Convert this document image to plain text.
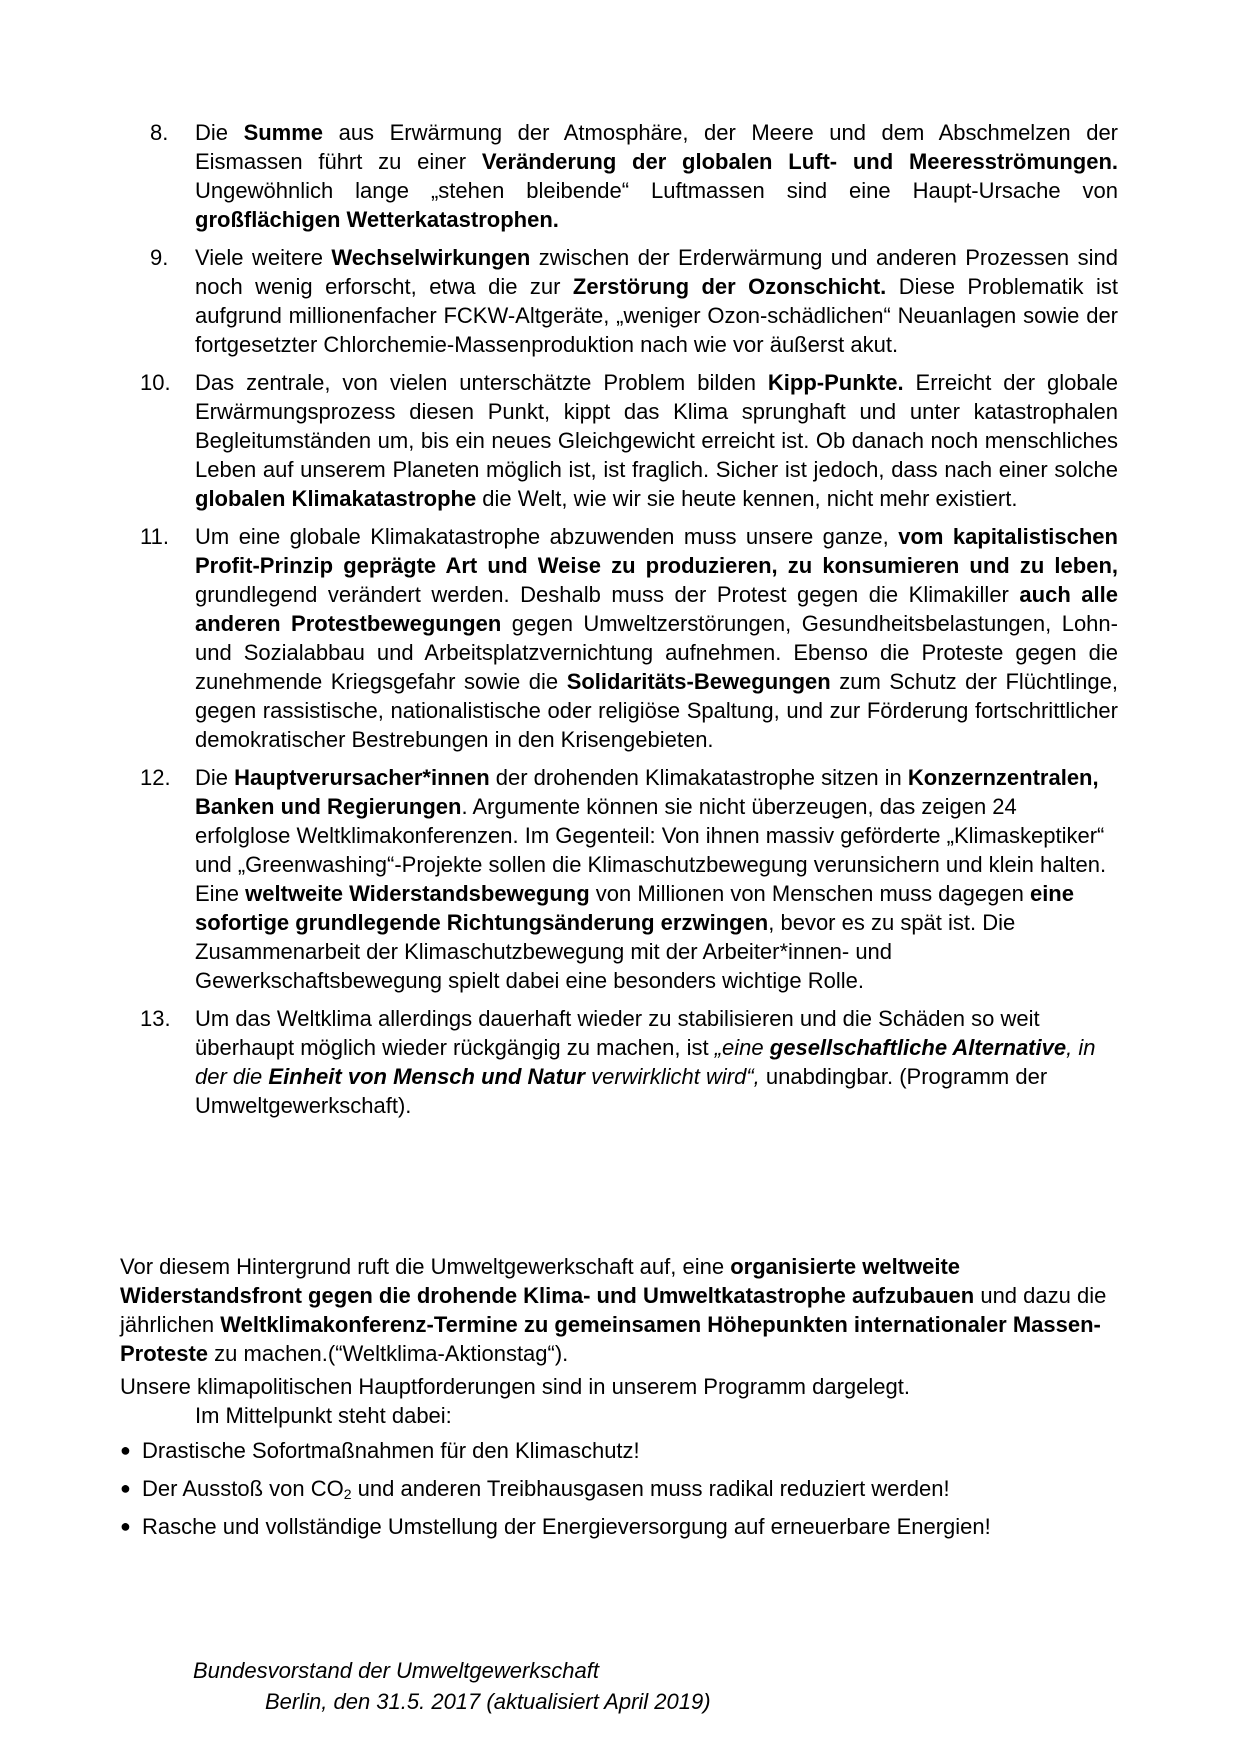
8.	Die Summe aus Erwärmung der Atmosphäre, der Meere und dem Abschmelzen der Eismassen führt zu einer Veränderung der globalen Luft- und Meeresströmungen. Ungewöhnlich lange „stehen bleibende“ Luftmassen sind eine Haupt-Ursache von großflächigen Wetterkatastrophen.
9.	Viele weitere Wechselwirkungen zwischen der Erderwärmung und anderen Prozessen sind noch wenig erforscht, etwa die zur Zerstörung der Ozonschicht. Diese Problematik ist aufgrund millionenfacher FCKW-Altgeräte, „weniger Ozon-schädlichen“ Neuanlagen sowie der fortgesetzter Chlorchemie-Massenproduktion nach wie vor äußerst akut.
10.	Das zentrale, von vielen unterschätzte Problem bilden Kipp-Punkte. Erreicht der globale Erwärmungsprozess diesen Punkt, kippt das Klima sprunghaft und unter katastrophalen Begleitumständen um, bis ein neues Gleichgewicht erreicht ist. Ob danach noch menschliches Leben auf unserem Planeten möglich ist, ist fraglich. Sicher ist jedoch, dass nach einer solche globalen Klimakatastrophe die Welt, wie wir sie heute kennen, nicht mehr existiert.
11.	Um eine globale Klimakatastrophe abzuwenden muss unsere ganze, vom kapitalistischen Profit-Prinzip geprägte Art und Weise zu produzieren, zu konsumieren und zu leben, grundlegend verändert werden. Deshalb muss der Protest gegen die Klimakiller auch alle anderen Protestbewegungen gegen Umweltzerstörungen, Gesundheitsbelastungen, Lohn- und Sozialabbau und Arbeitsplatzvernichtung aufnehmen. Ebenso die Proteste gegen die zunehmende Kriegsgefahr sowie die Solidaritäts-Bewegungen zum Schutz der Flüchtlinge, gegen rassistische, nationalistische oder religiöse Spaltung, und zur Förderung fortschrittlicher demokratischer Bestrebungen in den Krisengebieten.
12.	Die Hauptverursacher*innen der drohenden Klimakatastrophe sitzen in Konzernzentralen, Banken und Regierungen. Argumente können sie nicht überzeugen, das zeigen 24 erfolglose Weltklimakonferenzen. Im Gegenteil: Von ihnen massiv geförderte „Klimaskeptiker“ und „Greenwashing“-Projekte sollen die Klimaschutzbewegung verunsichern und klein halten. Eine weltweite Widerstandsbewegung von Millionen von Menschen muss dagegen eine sofortige grundlegende Richtungsänderung erzwingen, bevor es zu spät ist. Die Zusammenarbeit der Klimaschutzbewegung mit der Arbeiter*innen- und Gewerkschaftsbewegung spielt dabei eine besonders wichtige Rolle.
13.	Um das Weltklima allerdings dauerhaft wieder zu stabilisieren und die Schäden so weit überhaupt möglich wieder rückgängig zu machen, ist „eine gesellschaftliche Alternative, in der die Einheit von Mensch und Natur verwirklicht wird“, unabdingbar. (Programm der Umweltgewerkschaft).
Vor diesem Hintergrund ruft die Umweltgewerkschaft auf, eine organisierte weltweite Widerstandsfront gegen die drohende Klima- und Umweltkatastrophe aufzubauen und dazu die jährlichen Weltklimakonferenz-Termine zu gemeinsamen Höhepunkten internationaler Massen-Proteste zu machen.(“Weltklima-Aktionstag“).
Unsere klimapolitischen Hauptforderungen sind in unserem Programm dargelegt.
Im Mittelpunkt steht dabei:
● Drastische Sofortmaßnahmen für den Klimaschutz!
● Der Ausstoß von $CO_2$ und anderen Treibhausgasen muss radikal reduziert werden!
● Rasche und vollständige Umstellung der Energieversorgung auf erneuerbare Energien!
Bundesvorstand der Umweltgewerkschaft
Berlin, den 31.5. 2017 (aktualisiert April 2019)
